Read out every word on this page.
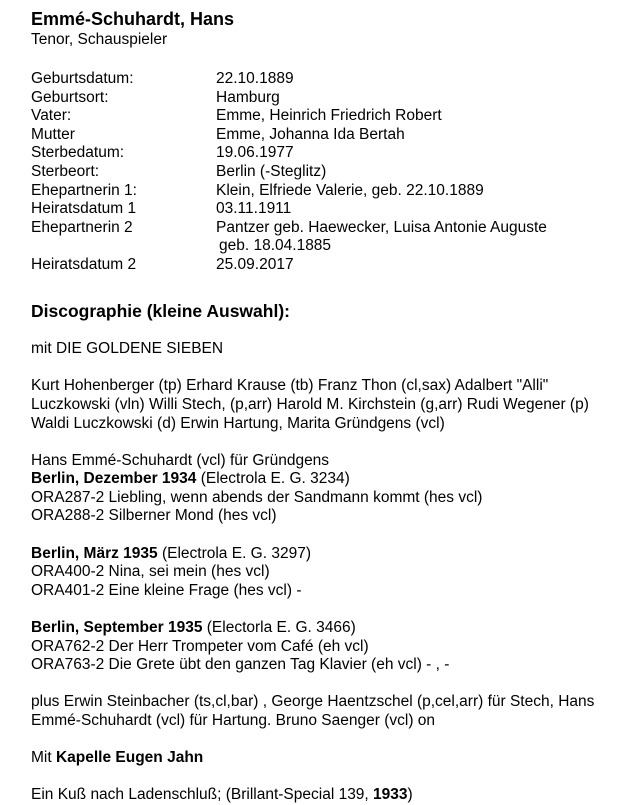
Emmé-Schuhardt, Hans
Tenor, Schauspieler
Geburtsdatum:	22.10.1889
Geburtsort:	Hamburg
Vater:	Emme, Heinrich Friedrich Robert
Mutter	Emme, Johanna Ida Bertah
Sterbedatum:	19.06.1977
Sterbeort:	Berlin (-Steglitz)
Ehepartnerin 1:	Klein, Elfriede Valerie, geb. 22.10.1889
Heiratsdatum 1	03.11.1911
Ehepartnerin 2	Pantzer geb. Haewecker, Luisa Antonie Auguste
geb. 18.04.1885
Heiratsdatum 2	25.09.2017
Discographie (kleine Auswahl):

mit DIE GOLDENE SIEBEN

Kurt Hohenberger (tp) Erhard Krause (tb) Franz Thon (cl,sax) Adalbert "Alli"

Luczkowski (vln) Willi Stech, (p,arr) Harold M. Kirchstein (g,arr) Rudi Wegener (p)

Waldi Luczkowski (d) Erwin Hartung, Marita Gründgens (vcl)

Hans Emmé-Schuhardt (vcl) für Gründgens

Berlin, Dezember 1934 (Electrola E. G. 3234)

ORA287-2 Liebling, wenn abends der Sandmann kommt (hes vcl)

ORA288-2 Silberner Mond (hes vcl)

Berlin, März 1935 (Electrola E. G. 3297)

ORA400-2 Nina, sei mein (hes vcl)

ORA401-2 Eine kleine Frage (hes vcl) -

Berlin, September 1935 (Electorla E. G. 3466)

ORA762-2 Der Herr Trompeter vom Café (eh vcl)

ORA763-2 Die Grete übt den ganzen Tag Klavier (eh vcl) - , -

plus Erwin Steinbacher (ts,cl,bar) , George Haentzschel (p,cel,arr) für Stech, Hans

Emmé-Schuhardt (vcl) für Hartung. Bruno Saenger (vcl) on

Mit Kapelle Eugen Jahn

Ein Kuß nach Ladenschluß; (Brillant-Special 139, 1933)
